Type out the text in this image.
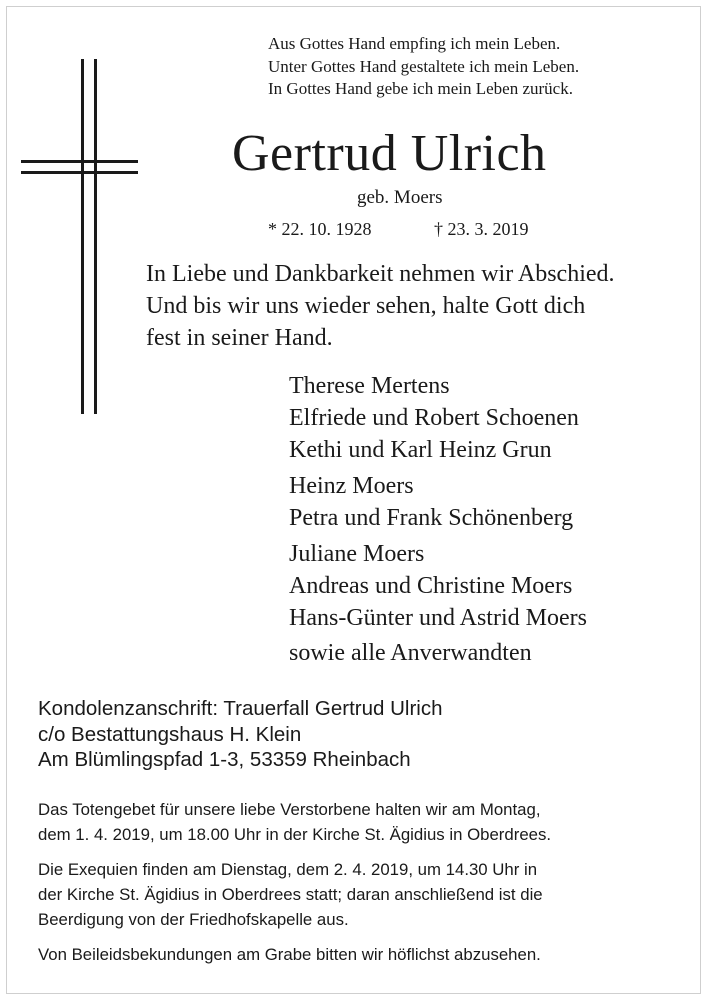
Aus Gottes Hand empfing ich mein Leben.
Unter Gottes Hand gestaltete ich mein Leben.
In Gottes Hand gebe ich mein Leben zurück.
Gertrud Ulrich
geb. Moers
* 22. 10. 1928	† 23. 3. 2019
In Liebe und Dankbarkeit nehmen wir Abschied.
Und bis wir uns wieder sehen, halte Gott dich
fest in seiner Hand.
Therese Mertens
Elfriede und Robert Schoenen
Kethi und Karl Heinz Grun
Heinz Moers
Petra und Frank Schönenberg
Juliane Moers
Andreas und Christine Moers
Hans-Günter und Astrid Moers
sowie alle Anverwandten
Kondolenzanschrift: Trauerfall Gertrud Ulrich
c/o Bestattungshaus H. Klein
Am Blümlingspfad 1-3, 53359 Rheinbach
Das Totengebet für unsere liebe Verstorbene halten wir am Montag,
dem 1. 4. 2019, um 18.00 Uhr in der Kirche St. Ägidius in Oberdrees.
Die Exequien finden am Dienstag, dem 2. 4. 2019, um 14.30 Uhr in
der Kirche St. Ägidius in Oberdrees statt; daran anschließend ist die
Beerdigung von der Friedhofskapelle aus.
Von Beileidsbekundungen am Grabe bitten wir höflichst abzusehen.
